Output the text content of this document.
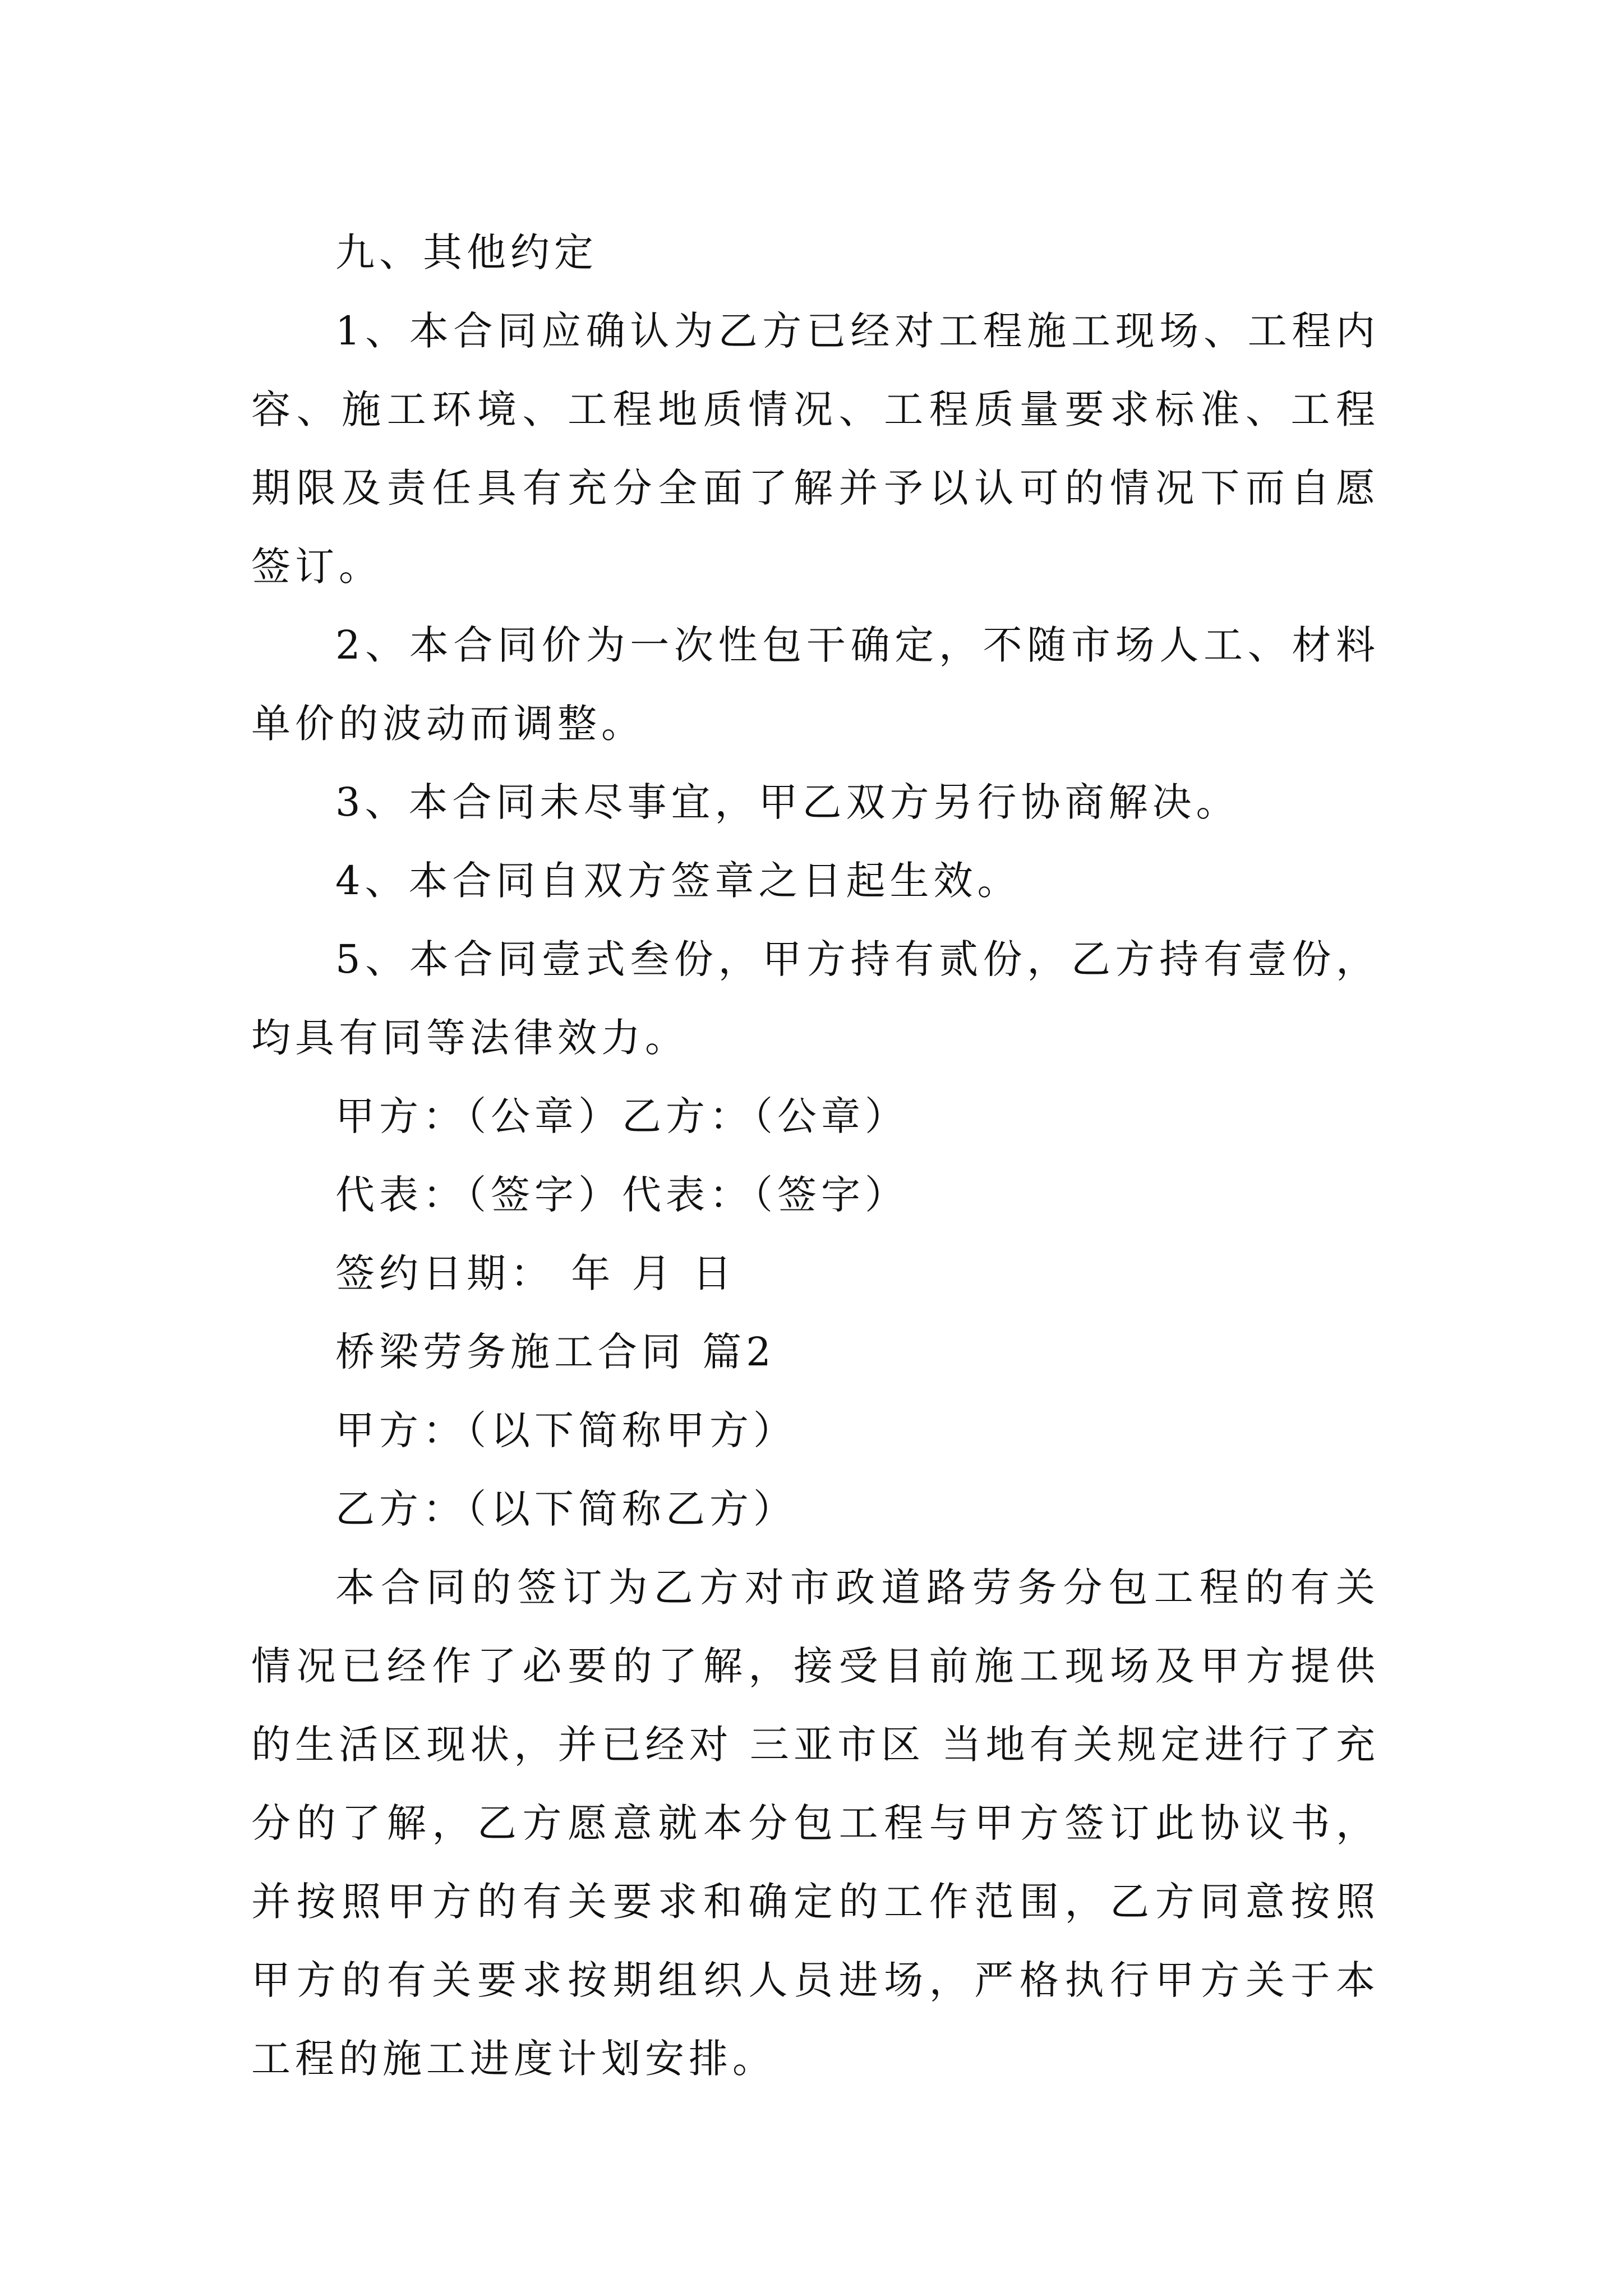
九、其他约定

1、本合同应确认为乙方已经对工程施工现场、工程内容、施工环境、工程地质情况、工程质量要求标准、工程期限及责任具有充分全面了解并予以认可的情况下而自愿签订。

2、本合同价为一次性包干确定，不随市场人工、材料单价的波动而调整。

3、本合同未尽事宜，甲乙双方另行协商解决。

4、本合同自双方签章之日起生效。

5、本合同壹式叁份，甲方持有贰份，乙方持有壹份，均具有同等法律效力。

甲方：（公章）乙方：（公章）

代表：（签字）代表：（签字）

签约日期： 年 月 日

桥梁劳务施工合同 篇2

甲方：（以下简称甲方）

乙方：（以下简称乙方）

本合同的签订为乙方对市政道路劳务分包工程的有关情况已经作了必要的了解，接受目前施工现场及甲方提供的生活区现状，并已经对 三亚市区 当地有关规定进行了充分的了解，乙方愿意就本分包工程与甲方签订此协议书，并按照甲方的有关要求和确定的工作范围，乙方同意按照甲方的有关要求按期组织人员进场，严格执行甲方关于本工程的施工进度计划安排。
